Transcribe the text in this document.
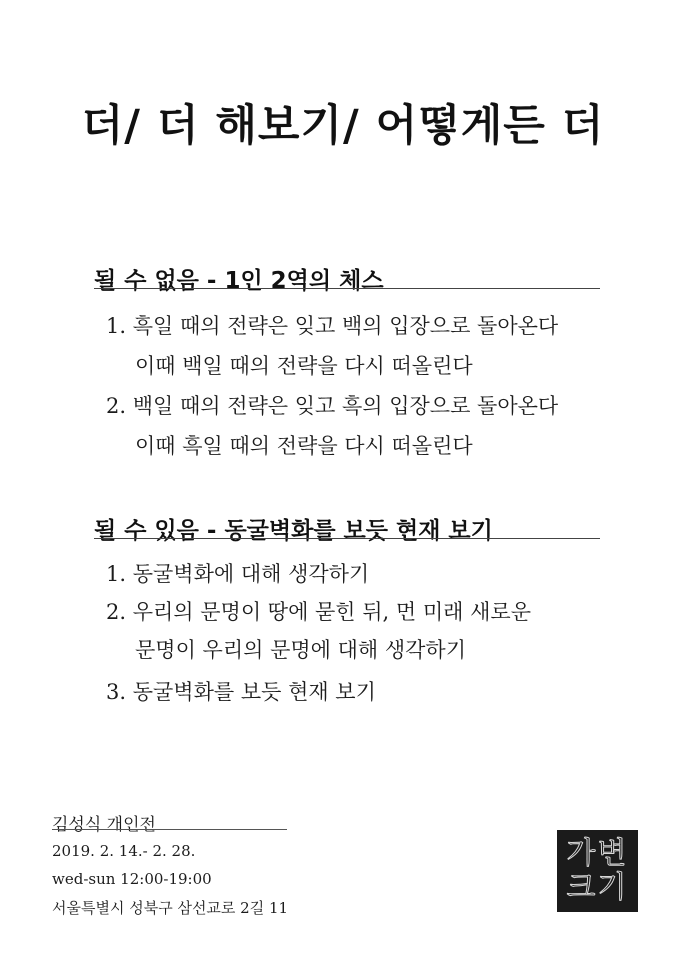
더/ 더 해보기/ 어떻게든 더
될 수 없음 - 1인 2역의 체스
1. 흑일 때의 전략은 잊고 백의 입장으로 돌아온다
이때 백일 때의 전략을 다시 떠올린다
2. 백일 때의 전략은 잊고 흑의 입장으로 돌아온다
이때 흑일 때의 전략을 다시 떠올린다
될 수 있음 - 동굴벽화를 보듯 현재 보기
1. 동굴벽화에 대해 생각하기
2. 우리의 문명이 땅에 묻힌 뒤, 먼 미래 새로운
문명이 우리의 문명에 대해 생각하기
3. 동굴벽화를 보듯 현재 보기
김성식 개인전
2019. 2. 14.- 2. 28.
wed-sun 12:00-19:00
서울특별시 성북구 삼선교로 2길 11
가변
크기
